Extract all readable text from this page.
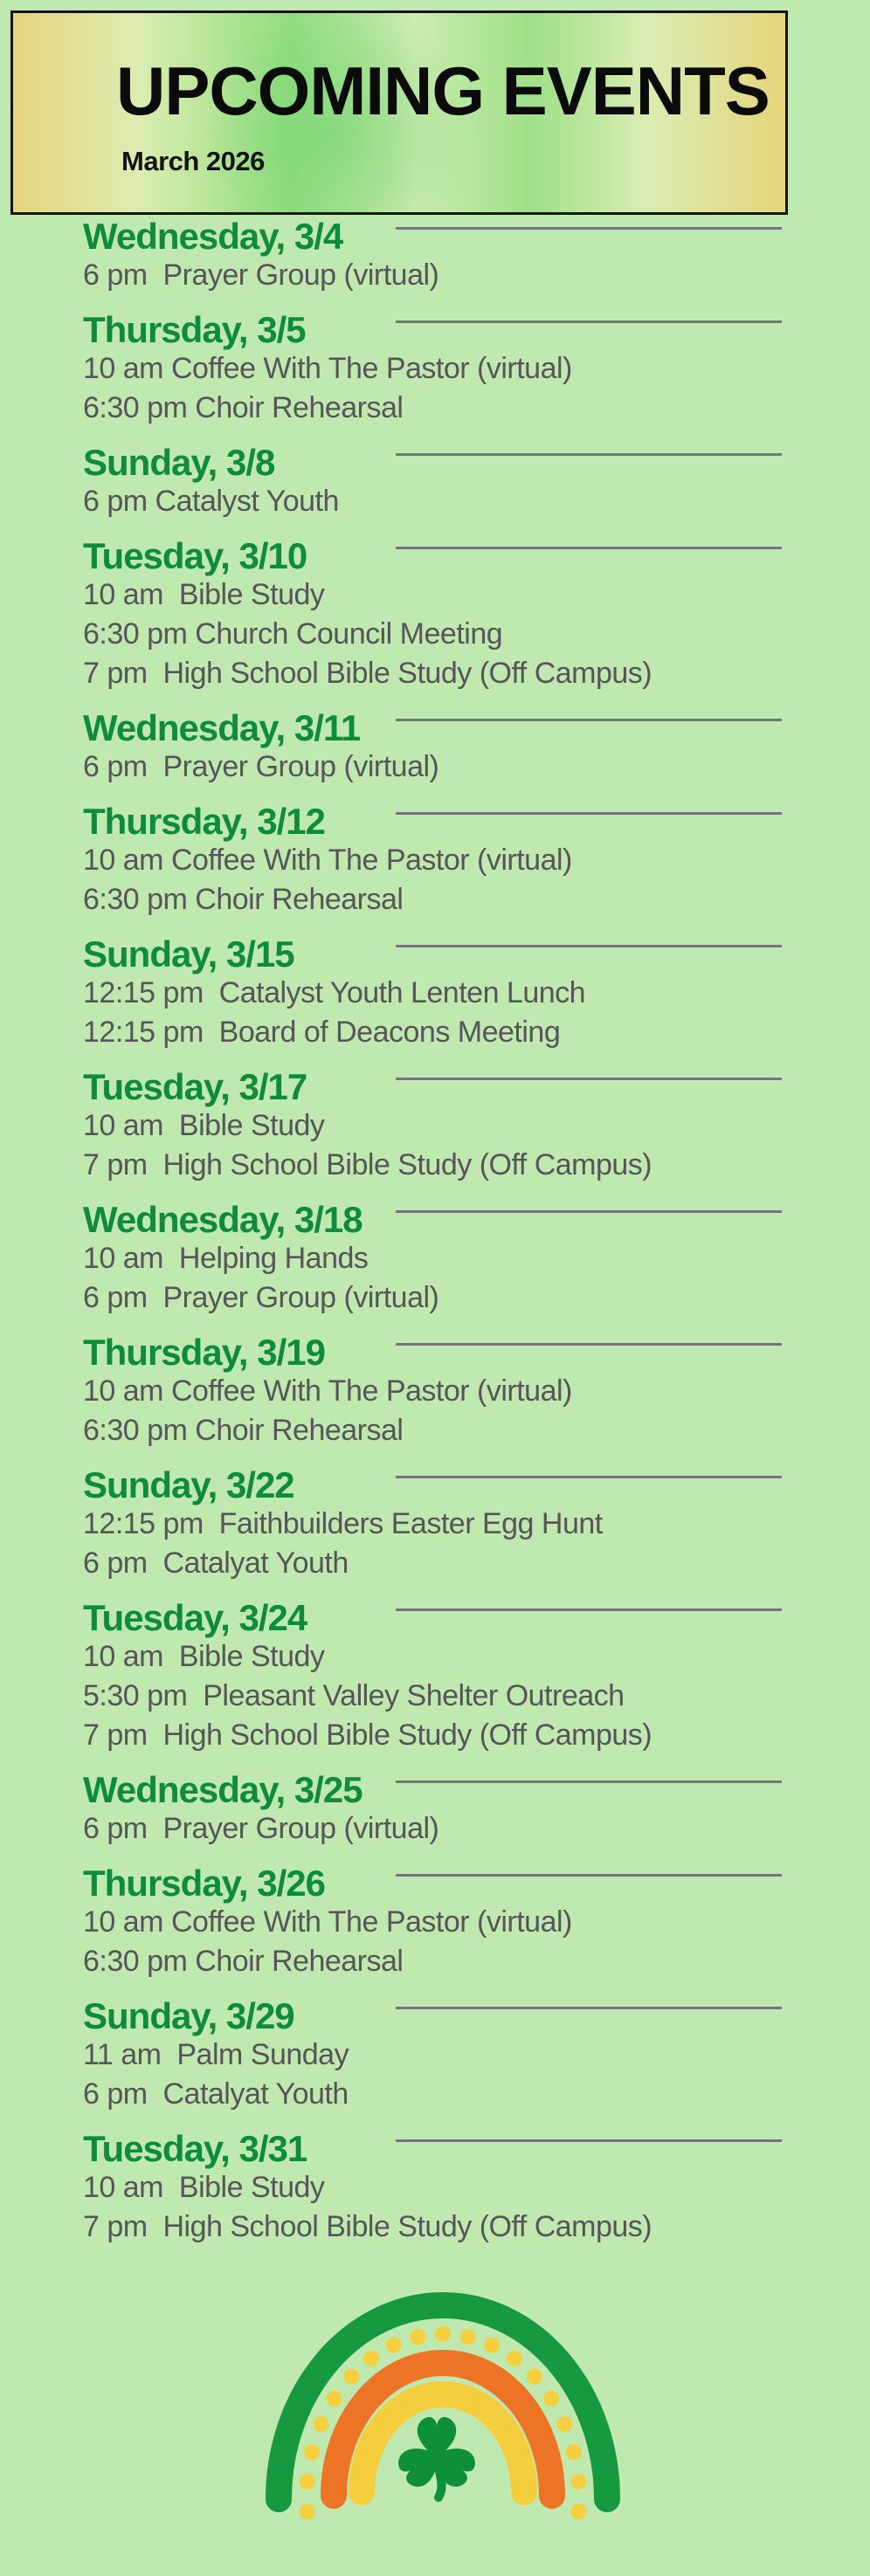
UPCOMING EVENTS

March 2026

Wednesday, 3/4

6 pm  Prayer Group (virtual)

Thursday, 3/5

10 am Coffee With The Pastor (virtual)

6:30 pm Choir Rehearsal

Sunday, 3/8

6 pm Catalyst Youth

Tuesday, 3/10

10 am  Bible Study

6:30 pm Church Council Meeting

7 pm  High School Bible Study (Off Campus)

Wednesday, 3/11

6 pm  Prayer Group (virtual)

Thursday, 3/12

10 am Coffee With The Pastor (virtual)

6:30 pm Choir Rehearsal

Sunday, 3/15

12:15 pm  Catalyst Youth Lenten Lunch

12:15 pm  Board of Deacons Meeting

Tuesday, 3/17

10 am  Bible Study

7 pm  High School Bible Study (Off Campus)

Wednesday, 3/18

10 am  Helping Hands

6 pm  Prayer Group (virtual)

Thursday, 3/19

10 am Coffee With The Pastor (virtual)

6:30 pm Choir Rehearsal

Sunday, 3/22

12:15 pm  Faithbuilders Easter Egg Hunt

6 pm  Catalyat Youth

Tuesday, 3/24

10 am  Bible Study

5:30 pm  Pleasant Valley Shelter Outreach

7 pm  High School Bible Study (Off Campus)

Wednesday, 3/25

6 pm  Prayer Group (virtual)

Thursday, 3/26

10 am Coffee With The Pastor (virtual)

6:30 pm Choir Rehearsal

Sunday, 3/29

11 am  Palm Sunday

6 pm  Catalyat Youth

Tuesday, 3/31

10 am  Bible Study

7 pm  High School Bible Study (Off Campus)
